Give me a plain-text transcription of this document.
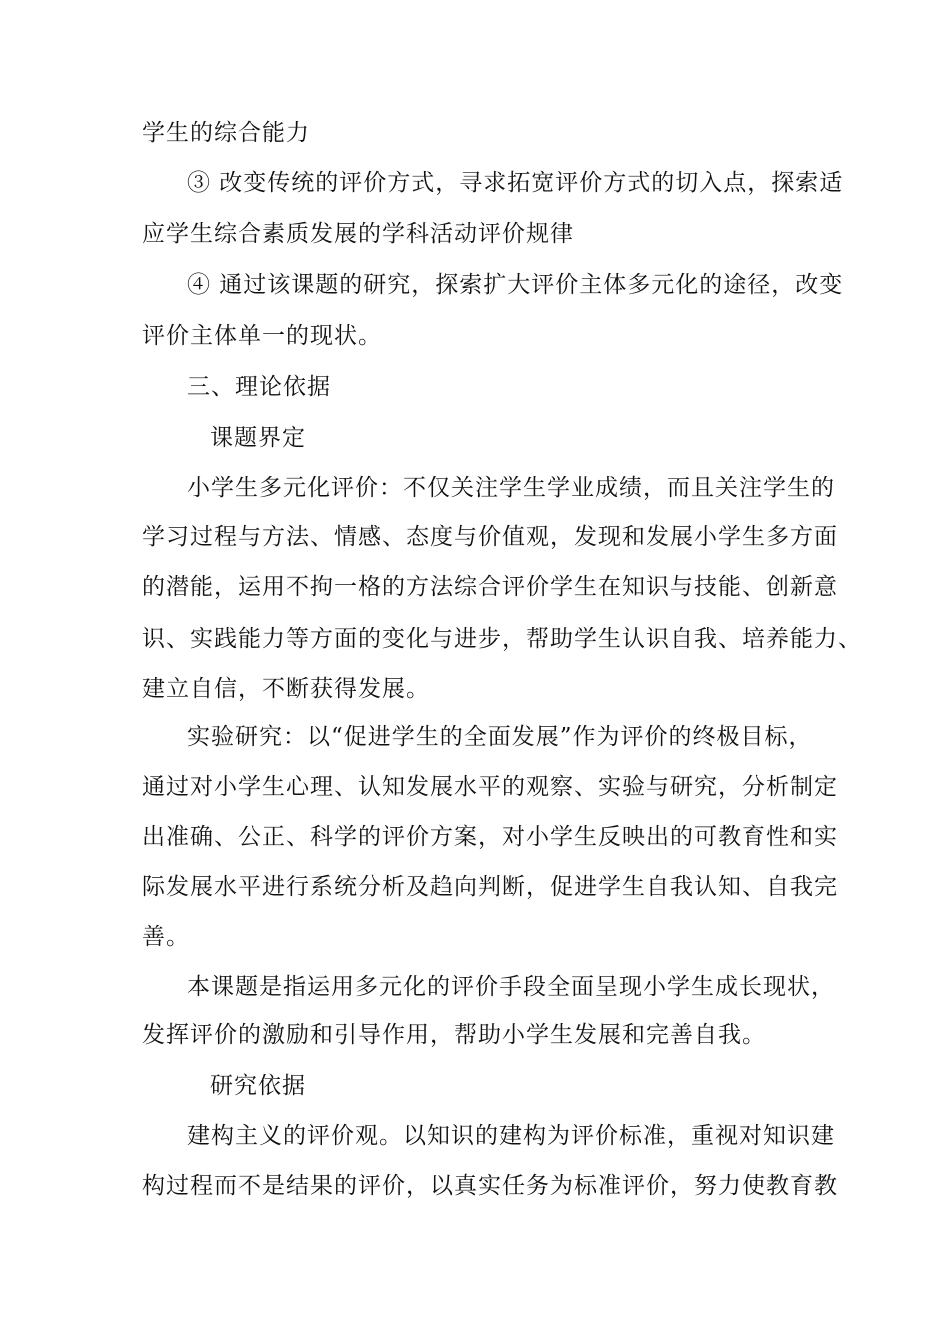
学生的综合能力
③ 改变传统的评价方式，寻求拓宽评价方式的切入点，探索适
应学生综合素质发展的学科活动评价规律
④ 通过该课题的研究，探索扩大评价主体多元化的途径，改变
评价主体单一的现状。
三、理论依据
课题界定
小学生多元化评价：不仅关注学生学业成绩，而且关注学生的
学习过程与方法、情感、态度与价值观，发现和发展小学生多方面
的潜能，运用不拘一格的方法综合评价学生在知识与技能、创新意
识、实践能力等方面的变化与进步，帮助学生认识自我、培养能力、
建立自信，不断获得发展。
实验研究：以“促进学生的全面发展”作为评价的终极目标，
通过对小学生心理、认知发展水平的观察、实验与研究，分析制定
出准确、公正、科学的评价方案，对小学生反映出的可教育性和实
际发展水平进行系统分析及趋向判断，促进学生自我认知、自我完
善。
本课题是指运用多元化的评价手段全面呈现小学生成长现状，
发挥评价的激励和引导作用，帮助小学生发展和完善自我。
研究依据
建构主义的评价观。以知识的建构为评价标准，重视对知识建
构过程而不是结果的评价，以真实任务为标准评价，努力使教育教
